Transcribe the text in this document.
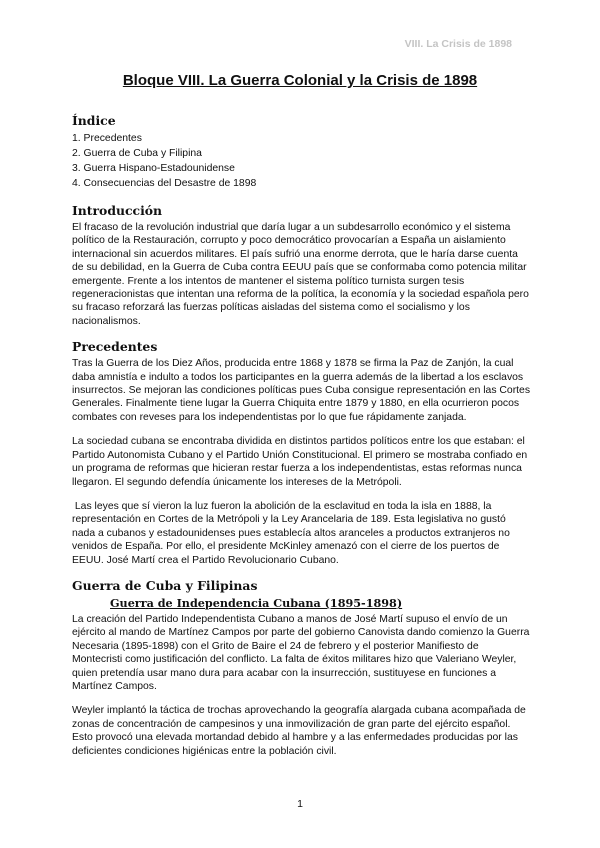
VIII. La Crisis de 1898
Bloque VIII. La Guerra Colonial y la Crisis de 1898
Índice
1. Precedentes
2. Guerra de Cuba y Filipina
3. Guerra Hispano-Estadounidense
4. Consecuencias del Desastre de 1898
Introducción

El fracaso de la revolución industrial que daría lugar a un subdesarrollo económico y el sistema político de la Restauración, corrupto y poco democrático provocarían a España un aislamiento internacional sin acuerdos militares. El país sufrió una enorme derrota, que le haría darse cuenta de su debilidad, en la Guerra de Cuba contra EEUU país que se conformaba como potencia militar emergente. Frente a los intentos de mantener el sistema político turnista surgen tesis regeneracionistas que intentan una reforma de la política, la economía y la sociedad española pero su fracaso reforzará las fuerzas políticas aisladas del sistema como el socialismo y los nacionalismos.

Precedentes

Tras la Guerra de los Diez Años, producida entre 1868 y 1878 se firma la Paz de Zanjón, la cual daba amnistía e indulto a todos los participantes en la guerra además de la libertad a los esclavos insurrectos. Se mejoran las condiciones políticas pues Cuba consigue representación en las Cortes Generales. Finalmente tiene lugar la Guerra Chiquita entre 1879 y 1880, en ella ocurrieron pocos combates con reveses para los independentistas por lo que fue rápidamente zanjada.

La sociedad cubana se encontraba dividida en distintos partidos políticos entre los que estaban: el Partido Autonomista Cubano y el Partido Unión Constitucional. El primero se mostraba confiado en un programa de reformas que hicieran restar fuerza a los independentistas, estas reformas nunca llegaron. El segundo defendía únicamente los intereses de la Metrópoli.

Las leyes que sí vieron la luz fueron la abolición de la esclavitud en toda la isla en 1888, la representación en Cortes de la Metrópoli y la Ley Arancelaria de 189. Esta legislativa no gustó nada a cubanos y estadounidenses pues establecía altos aranceles a productos extranjeros no venidos de España. Por ello, el presidente McKinley amenazó con el cierre de los puertos de EEUU. José Martí crea el Partido Revolucionario Cubano.

Guerra de Cuba y Filipinas
Guerra de Independencia Cubana (1895-1898)

La creación del Partido Independentista Cubano a manos de José Martí supuso el envío de un ejército al mando de Martínez Campos por parte del gobierno Canovista dando comienzo la Guerra Necesaria (1895-1898) con el Grito de Baire el 24 de febrero y el posterior Manifiesto de Montecristi como justificación del conflicto. La falta de éxitos militares hizo que Valeriano Weyler, quien pretendía usar mano dura para acabar con la insurrección, sustituyese en funciones a Martínez Campos.

Weyler implantó la táctica de trochas aprovechando la geografía alargada cubana acompañada de zonas de concentración de campesinos y una inmovilización de gran parte del ejército español. Esto provocó una elevada mortandad debido al hambre y a las enfermedades producidas por las deficientes condiciones higiénicas entre la población civil.

1
